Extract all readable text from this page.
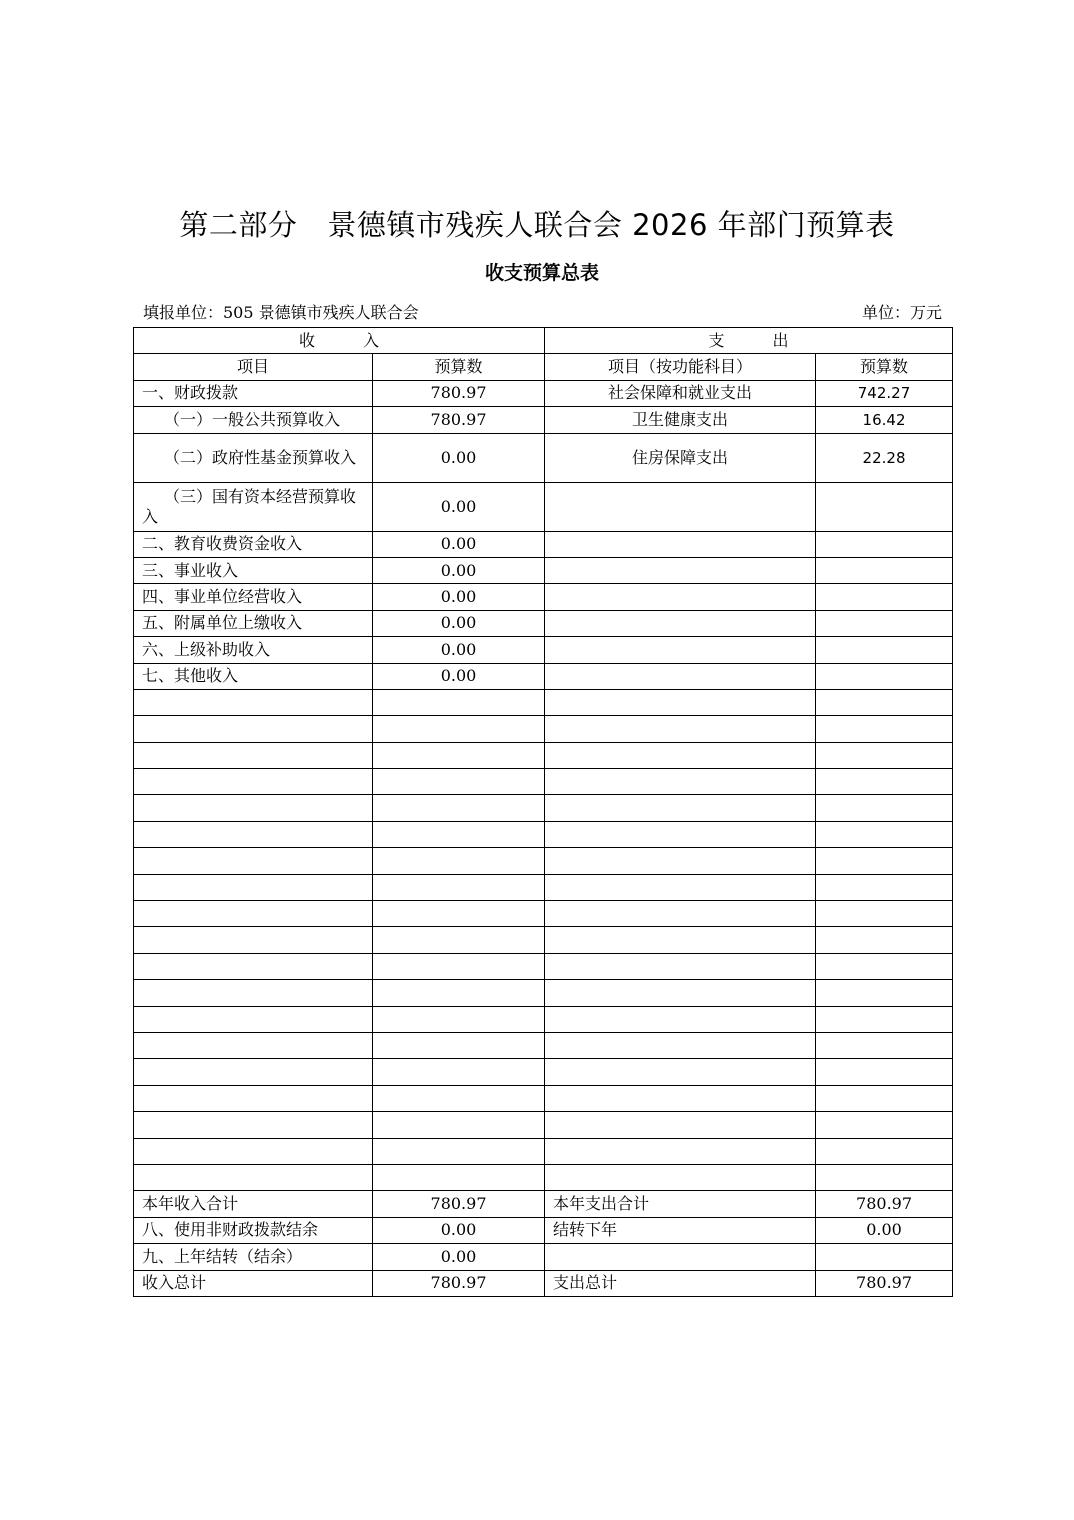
第二部分 景德镇市残疾人联合会 2026 年部门预算表
收支预算总表
填报单位：505 景德镇市残疾人联合会	单位：万元
收　　　入		支　　　出	
项目	预算数	项目（按功能科目）	预算数
一、财政拨款	780.97	社会保障和就业支出	742.27
（一）一般公共预算收入	780.97	卫生健康支出	16.42
（二）政府性基金预算收入	0.00	住房保障支出	22.28
（三）国有资本经营预算收入	0.00		
二、教育收费资金收入	0.00		
三、事业收入	0.00		
四、事业单位经营收入	0.00		
五、附属单位上缴收入	0.00		
六、上级补助收入	0.00		
七、其他收入	0.00		

本年收入合计	780.97	本年支出合计	780.97
八、使用非财政拨款结余	0.00	结转下年	0.00
九、上年结转（结余）	0.00		
收入总计	780.97	支出总计	780.97
